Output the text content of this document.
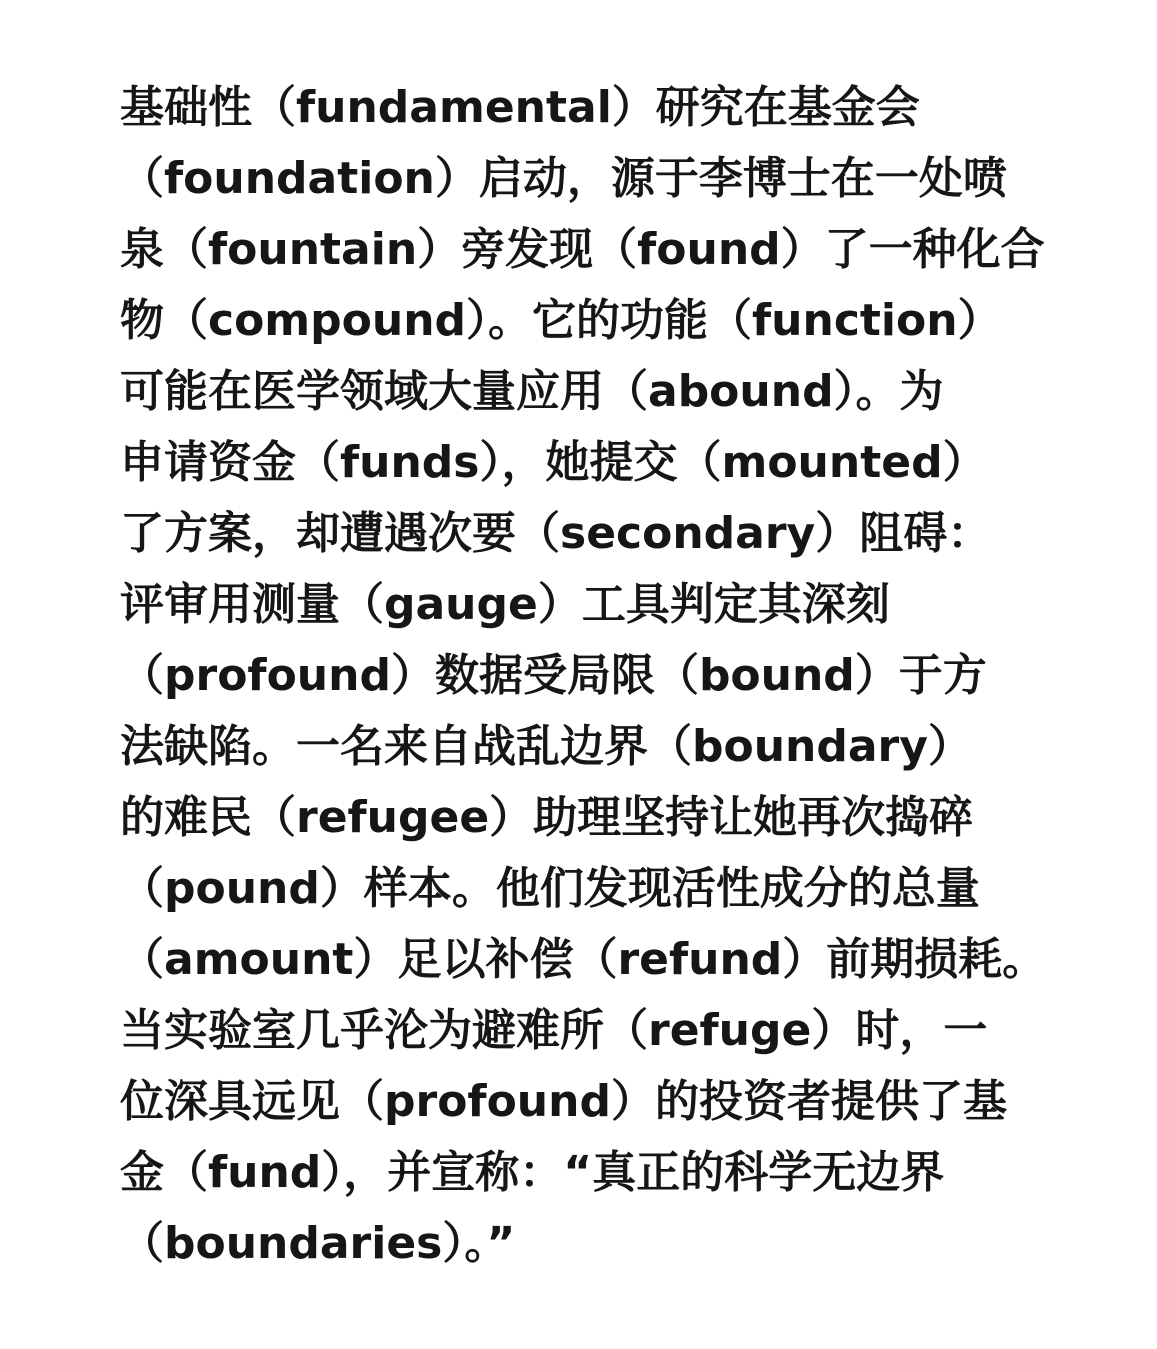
基础性（fundamental）研究在基金会
（foundation）启动，源于李博士在一处喷
泉（fountain）旁发现（found）了一种化合
物（compound）。它的功能（function）
可能在医学领域大量应用（abound）。为
申请资金（funds），她提交（mounted）
了方案，却遭遇次要（secondary）阻碍：
评审用测量（gauge）工具判定其深刻
（profound）数据受局限（bound）于方
法缺陷。一名来自战乱边界（boundary）
的难民（refugee）助理坚持让她再次捣碎
（pound）样本。他们发现活性成分的总量
（amount）足以补偿（refund）前期损耗。
当实验室几乎沦为避难所（refuge）时，一
位深具远见（profound）的投资者提供了基
金（fund），并宣称：“真正的科学无边界
（boundaries）。”
